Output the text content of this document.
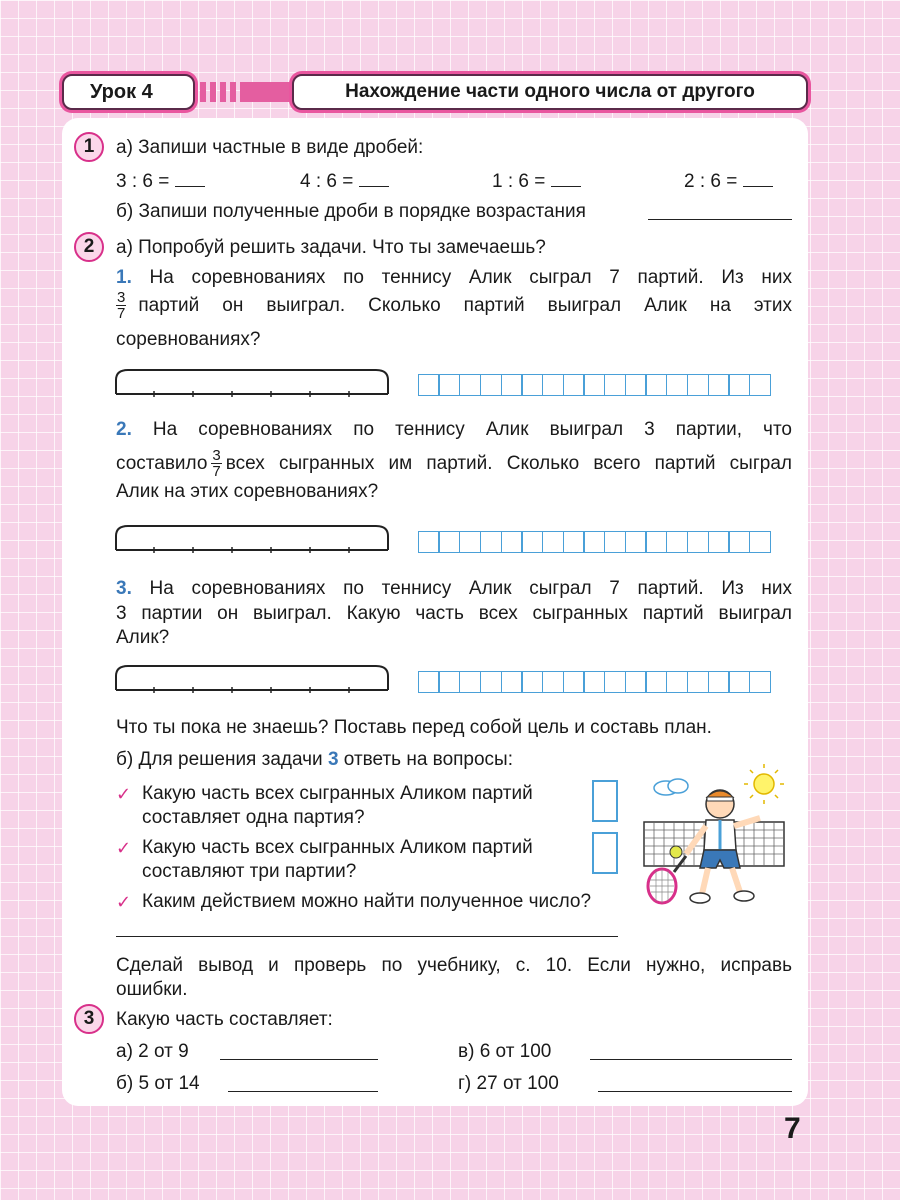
Урок 4	Нахождение части одного числа от другого
1	а) Запиши частные в виде дробей:
3 : 6 =	4 : 6 =	1 : 6 =	2 : 6 =
б) Запиши полученные дроби в порядке возрастания
2	а) Попробуй решить задачи. Что ты замечаешь?
1. На соревнованиях по теннису Алик сыграл 7 партий. Из них
$\frac{3}{7}$ партий он выиграл. Сколько партий выиграл Алик на этих
соревнованиях?
2. На соревнованиях по теннису Алик выиграл 3 партии, что
составило $\frac{3}{7}$ всех сыгранных им партий. Сколько всего партий сыграл
Алик на этих соревнованиях?
3. На соревнованиях по теннису Алик сыграл 7 партий. Из них
3 партии он выиграл. Какую часть всех сыгранных партий выиграл
Алик?
Что ты пока не знаешь? Поставь перед собой цель и составь план.
б) Для решения задачи 3 ответь на вопросы:
✓ Какую часть всех сыгранных Аликом партий
составляет одна партия?
✓ Какую часть всех сыгранных Аликом партий
составляют три партии?
✓ Каким действием можно найти полученное число?
Сделай вывод и проверь по учебнику, с. 10. Если нужно, исправь
ошибки.
3	Какую часть составляет:
а) 2 от 9	в) 6 от 100
б) 5 от 14	г) 27 от 100
7
